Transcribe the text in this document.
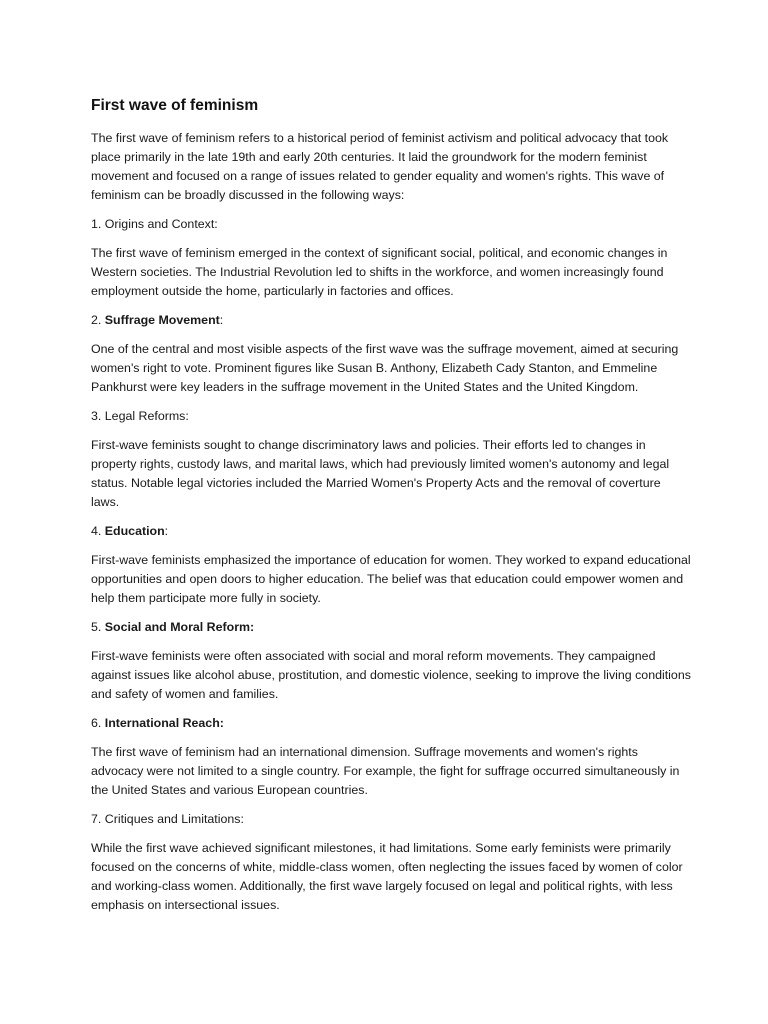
First wave of feminism

The first wave of feminism refers to a historical period of feminist activism and political advocacy that took place primarily in the late 19th and early 20th centuries. It laid the groundwork for the modern feminist movement and focused on a range of issues related to gender equality and women's rights. This wave of feminism can be broadly discussed in the following ways:

1. Origins and Context:

The first wave of feminism emerged in the context of significant social, political, and economic changes in Western societies. The Industrial Revolution led to shifts in the workforce, and women increasingly found employment outside the home, particularly in factories and offices.

2. Suffrage Movement:

One of the central and most visible aspects of the first wave was the suffrage movement, aimed at securing women's right to vote. Prominent figures like Susan B. Anthony, Elizabeth Cady Stanton, and Emmeline Pankhurst were key leaders in the suffrage movement in the United States and the United Kingdom.

3. Legal Reforms:

First-wave feminists sought to change discriminatory laws and policies. Their efforts led to changes in property rights, custody laws, and marital laws, which had previously limited women's autonomy and legal status. Notable legal victories included the Married Women's Property Acts and the removal of coverture laws.

4. Education:

First-wave feminists emphasized the importance of education for women. They worked to expand educational opportunities and open doors to higher education. The belief was that education could empower women and help them participate more fully in society.

5. Social and Moral Reform:

First-wave feminists were often associated with social and moral reform movements. They campaigned against issues like alcohol abuse, prostitution, and domestic violence, seeking to improve the living conditions and safety of women and families.

6. International Reach:

The first wave of feminism had an international dimension. Suffrage movements and women's rights advocacy were not limited to a single country. For example, the fight for suffrage occurred simultaneously in the United States and various European countries.

7. Critiques and Limitations:

While the first wave achieved significant milestones, it had limitations. Some early feminists were primarily focused on the concerns of white, middle-class women, often neglecting the issues faced by women of color and working-class women. Additionally, the first wave largely focused on legal and political rights, with less emphasis on intersectional issues.
